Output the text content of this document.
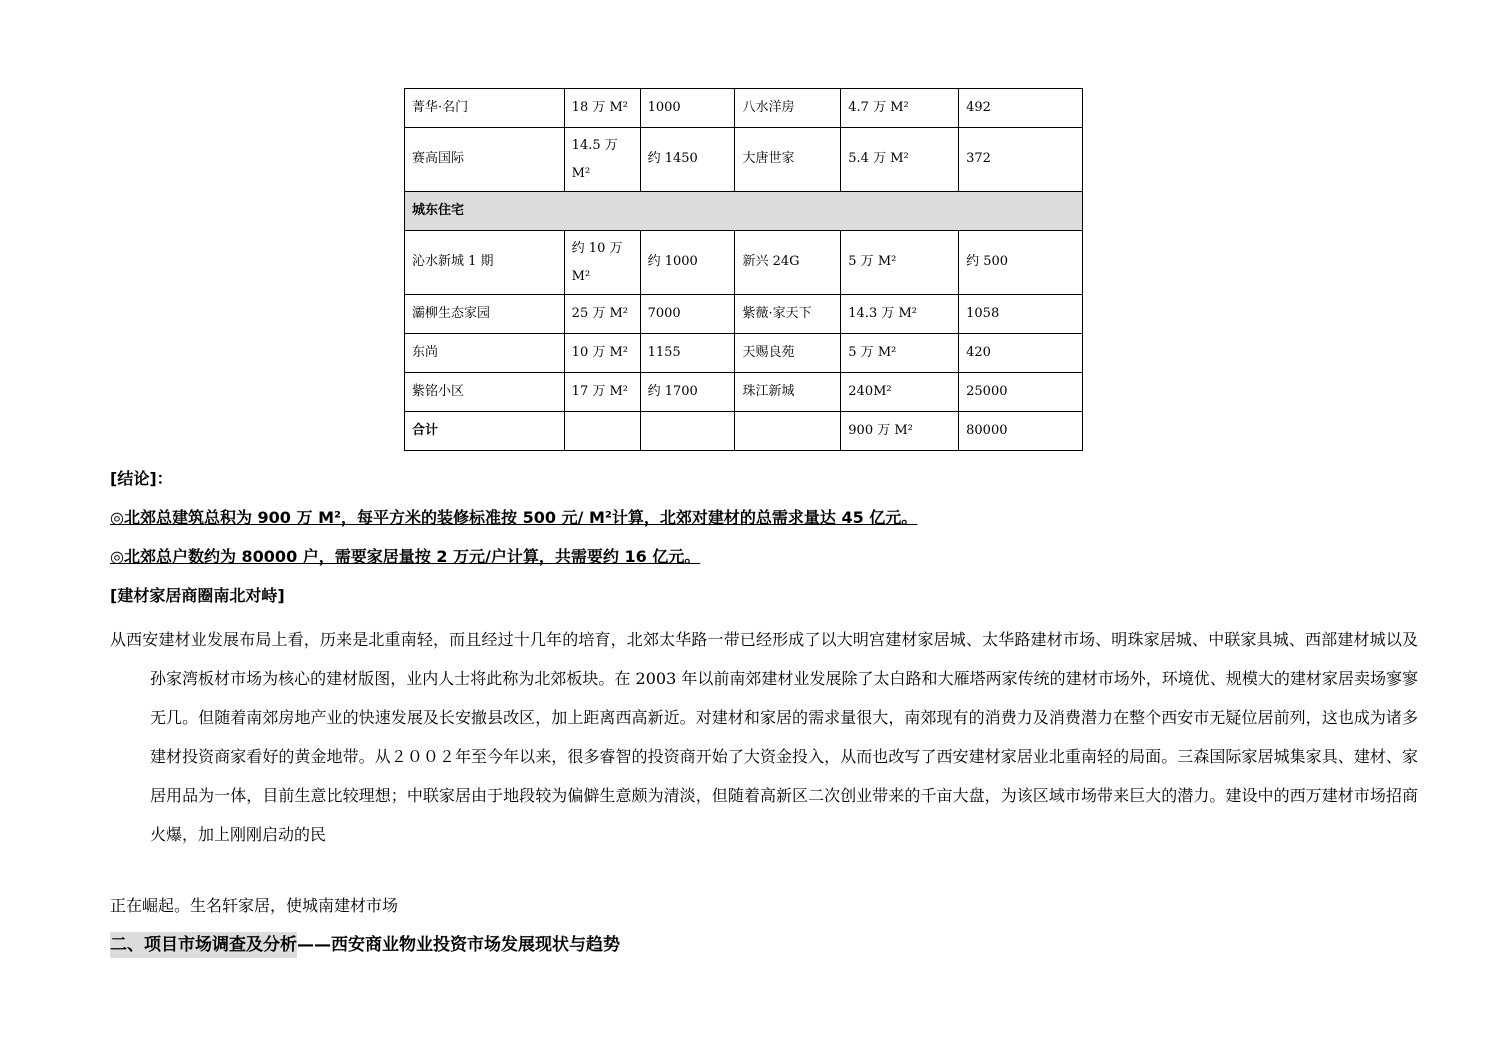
菁华·名门	18 万 M²	1000	八水洋房	4.7 万 M²	492
赛高国际	14.5 万 M²	约 1450	大唐世家	5.4 万 M²	372
城东住宅					
沁水新城 1 期	约 10 万 M²	约 1000	新兴 24G	5 万 M²	约 500
灞柳生态家园	25 万 M²	7000	紫薇·家天下	14.3 万 M²	1058
东尚	10 万 M²	1155	天赐良苑	5 万 M²	420
紫铭小区	17 万 M²	约 1700	珠江新城	240M²	25000
合计				900 万 M²	80000
[结论]：
◎北郊总建筑总积为 900 万 M²，每平方米的装修标准按 500 元/ M²计算，北郊对建材的总需求量达 45 亿元。
◎北郊总户数约为 80000 户，需要家居量按 2 万元/户计算，共需要约 16 亿元。
[建材家居商圈南北对峙]

从西安建材业发展布局上看，历来是北重南轻，而且经过十几年的培育，北郊太华路一带已经形成了以大明宫建材家居城、太华路建材市场、明珠家居城、中联家具城、西部建材城以及孙家湾板材市场为核心的建材版图，业内人士将此称为北郊板块。在 2003 年以前南郊建材业发展除了太白路和大雁塔两家传统的建材市场外，环境优、规模大的建材家居卖场寥寥无几。但随着南郊房地产业的快速发展及长安撤县改区，加上距离西高新近。对建材和家居的需求量很大，南郊现有的消费力及消费潜力在整个西安市无疑位居前列，这也成为诸多建材投资商家看好的黄金地带。从２００２年至今年以来，很多睿智的投资商开始了大资金投入，从而也改写了西安建材家居业北重南轻的局面。三森国际家居城集家具、建材、家居用品为一体，目前生意比较理想；中联家居由于地段较为偏僻生意颇为清淡，但随着高新区二次创业带来的千亩大盘，为该区域市场带来巨大的潜力。建设中的西万建材市场招商火爆，加上刚刚启动的民

正在崛起。生名轩家居，使城南建材市场
二、项目市场调查及分析——西安商业物业投资市场发展现状与趋势
